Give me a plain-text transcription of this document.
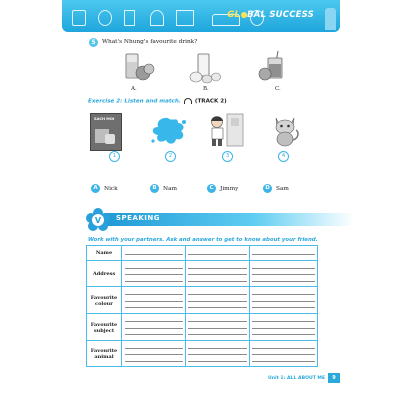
GL BAL SUCCESS
5	What's Nhung's favourite drink?
A.	B.	C.
Exercise 2: Listen and match. (TRACK 2)
SACH MOI
1	2	3	4
A	Nick	B	Nam	C	Jimmy	D	Sam
V SPEAKING
Work with your partners. Ask and answer to get to know about your friend.
Name
Address
Favourite colour
Favourite subject
Favourite animal
Unit 1: ALL ABOUT ME	9
